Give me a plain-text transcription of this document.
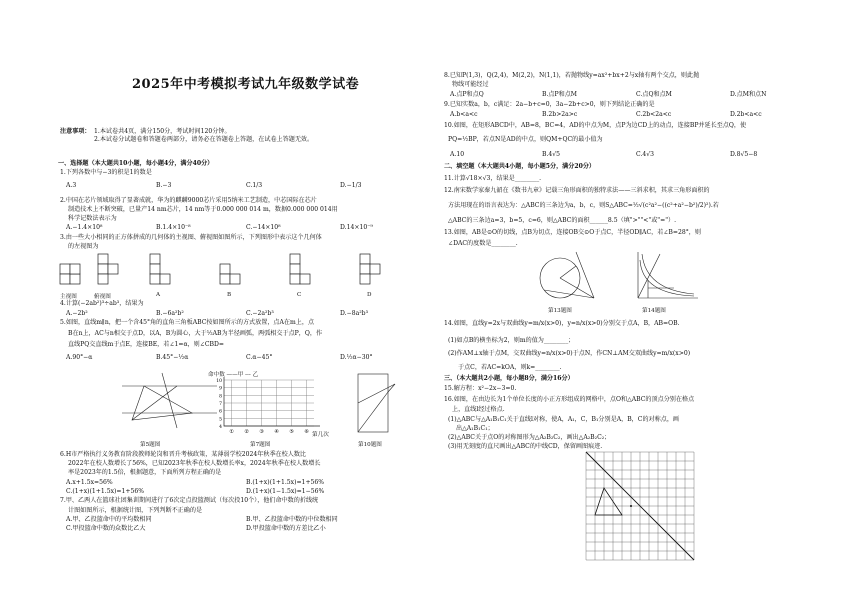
2025年中考模拟考试九年级数学试卷
注意事项： 1.本试卷共4页，满分150分，考试时间120分钟。
2.本试卷分试题卷和答题卷两部分，请务必在答题卷上答题，在试卷上答题无效。
一、选择题（本大题共10小题，每小题4分，满分40分）
1.下列各数中与−3的积是1的数是
A.3	B.−3	C.1/3	D.−1/3
2.中国在芯片领域取得了显著成就，华为的麒麟9000芯片采用5纳米工艺制造，中芯国际在芯片
制造技术上不断突破，已量产14 nm芯片，14 nm等于0.000 000 014 m，数据0.000 000 014用
科学记数法表示为
A.−1.4×10⁸	B.1.4×10⁻⁸	C.−14×10⁸	D.14×10⁻⁹
3.由一些大小相同的正方体拼成的几何体的主视图、俯视图如图所示，下列图形中表示这个几何体
的左视图为
主视图	俯视图	A	B	C	D
4.计算(−2ab²)³÷ab³，结果为
A.−2b²	B.−6a²b²	C.−2a²b³	D.−8a²b³
5.如图，直线m∥n，把一个含45°角的直角三角板ABC按如图所示的方式放置，点A在m上，点
B在n上，AC与n相交于点D，以A，B为圆心，大于½AB为半径画弧，两弧相交于点P，Q，作
直线PQ交直线m于点E，连接BE，若∠1=α，则∠CBD=
A.90°−α	B.45°−½α	C.α−45°	D.½α−30°
第5题图
命中数 ——甲 --- 乙
10
9
8
7
6
5
4
① ② ③ ④ ⑤ ⑥ 第几次
第7题图	第10题图
6.H市严格执行义务教育阶段教师轮岗和晋升考核政策，某薄弱学校2024年秋季在校人数比
2022年在校人数增长了56%，已知2023年秋季在校人数增长率x，2024年秋季在校人数增长
率是2023年的1.5倍，根据题意，下面所列方程正确的是
A.x+1.5x=56%	B.(1+x)(1+1.5x)=1+56%
C.(1+x)(1+1.5x)=1+56%	D.(1+x)(1−1.5x)=1−56%
7.甲、乙两人在篮球社团集训期间进行了6次定点投篮测试（每次投10个），他们命中数的折线统
计图如图所示，根据统计图，下列判断不正确的是
A.甲、乙投篮命中的平均数相同	B.甲、乙投篮命中数的中位数相同
C.甲投篮命中数的众数比乙大	D.甲投篮命中数的方差比乙小
8.已知P(1,3)，Q(2,4)，M(2,2)，N(1,1)，若抛物线y=ax²+bx+2与x轴有两个交点，则此抛
物线可能经过
A.点P和点Q	B.点P和点M	C.点Q和点M	D.点M和点N
9.已知实数a，b，c满足：2a−b+c=0，3a−2b+c>0，则下列结论正确的是
A.b<a<c	B.2b>2a>c	C.2b<2a<c	D.2b<a<c
10.如图，在矩形ABCD中，AB=8，BC=4，AD的中点为M，点P为边CD上的动点，连接BP并延长至点Q，使
PQ=½BP，若点N是AD的中点，则QM+QC的最小值为
A.10	B.4√5	C.4√3	D.8√5−8
二、填空题（本大题共4小题，每小题5分，满分20分）
11.计算√18×√3，结果是________.
12.南宋数学家秦九韶在《数书九章》记载三角形面积的独特求法——三斜求积，其求三角形面积的
方法用现在的语言表达为：△ABC的三条边为a，b，c，则S△ABC=½√(c²a²−((c²+a²−b²)/2)²).若
△ABC的三条边a=3，b=5，c=6，则△ABC的面积______8.5（填">""<"或"="）.
13.如图，AB是⊙O的切线，点B为切点，连接OB交⊙O于点C，半径OD∥AC，若∠B=28°，则
∠DAC的度数是________.
第13题图	第14题图
14.如图，直线y=2x与双曲线y=m/x(x>0)，y=n/x(x>0)分别交于点A，B，AB=OB.
(1)如点B的横坐标为2，则m的值为________；
(2)作AM⊥x轴于点M，交双曲线y=n/x(x>0)于点N，作CN⊥AM交双曲线y=m/x(x>0)
于点C，若AC=kOA，则k=________.
三、（本大题共2小题，每小题8分，满分16分）
15.解方程：x²−2x−3=0.
16.如图，在由边长为1个单位长度的小正方形组成的网格中，点O和△ABC的顶点分别在格点
上，直线l经过格点.
(1)△ABC与△A₁B₁C₁关于直线l对称，使A，A₁，C，B₁分别是A，B，C的对称点，画
出△A₁B₁C₁；
(2)△ABC关于点O的对称图形为△A₂B₂C₂，画出△A₂B₂C₂；
(3)用无刻度的直尺画出△ABC的中线CD，保留画图痕迹.
